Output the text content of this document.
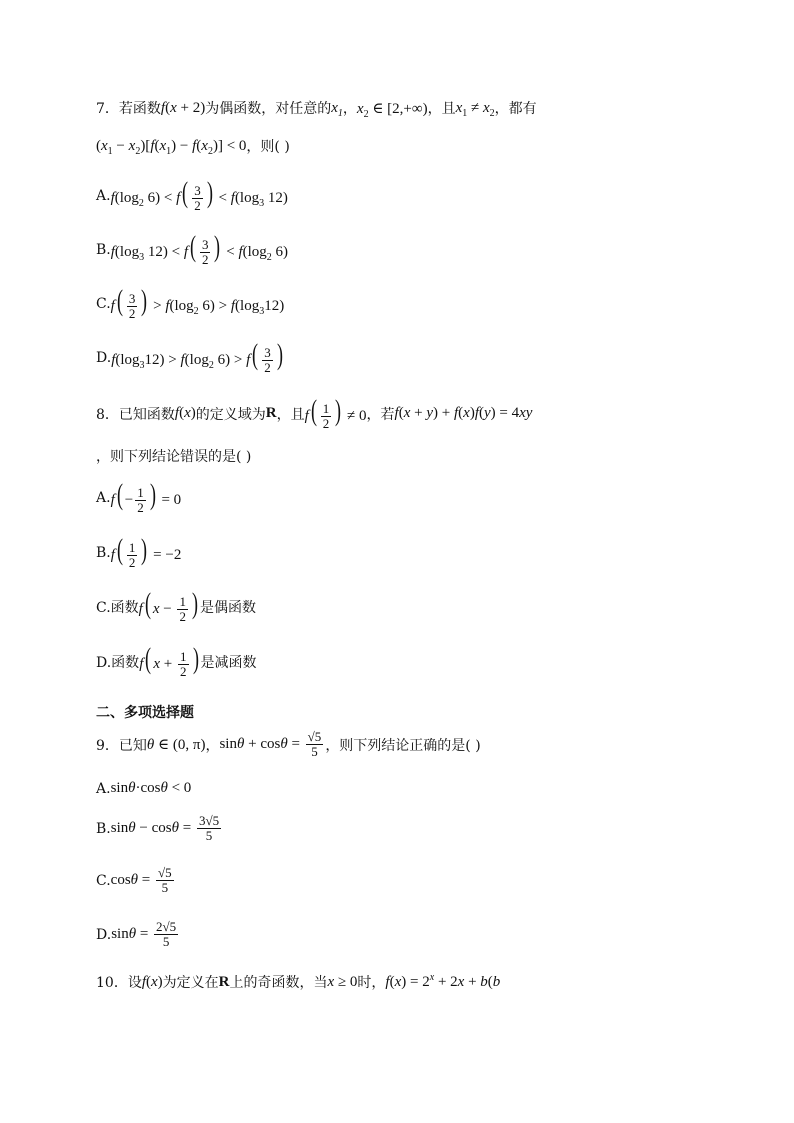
7．若函数 f(x + 2) 为偶函数，对任意的 $x_1$ ， $x_2$ ∈ [2,+∞) ，且 $x_1 \ne x_2$ ，都有
$(x_1 - x_2)[f(x_1) - f(x_2)] < 0$ ，则( )
A. $f(\log_2$ $6) < f( \frac{3}{2}$ ) < $f(\log_3$ 12)
B. $f(\log_3$ $12) < f( \frac{3}{2}$ ) < $f(\log_2$ 6)
C. $f( \frac{3}{2}$ ) > $f(\log_2$ $6) > f(\log_312)$
D. $f(\log_312) > f(\log_2$ $6) > f( \frac{3}{2}$ )
8．已知函数 f(x) 的定义域为 R ，且 $f( \frac{1}{2}$ ) ≠ 0 ，若 f(x + y) + f(x)f(y) = 4xy
，则下列结论错误的是( )
A. $f( - \frac{1}{2}$ ) = 0
B. $f( \frac{1}{2}$ ) = −2
C.函数 f( $x - \frac{1}{2}$ ) 是偶函数
D.函数 f( $x + \frac{1}{2}$ ) 是减函数
二、多项选择题
9．已知 θ ∈ (0, π) ， $\sin\theta + \cos\theta = \frac{√5}{5}$ ，则下列结论正确的是( )
A. sinθ·cosθ < 0
B. $\sin\theta - \cos\theta = \frac{3√5}{5}$
C. $\cos\theta = \frac{√5}{5}$
D. $\sin\theta = \frac{2√5}{5}$
10．设 f(x) 为定义在 R 上的奇函数，当 x ≥ 0 时， $f(x) = 2^x + 2x + b(b$
